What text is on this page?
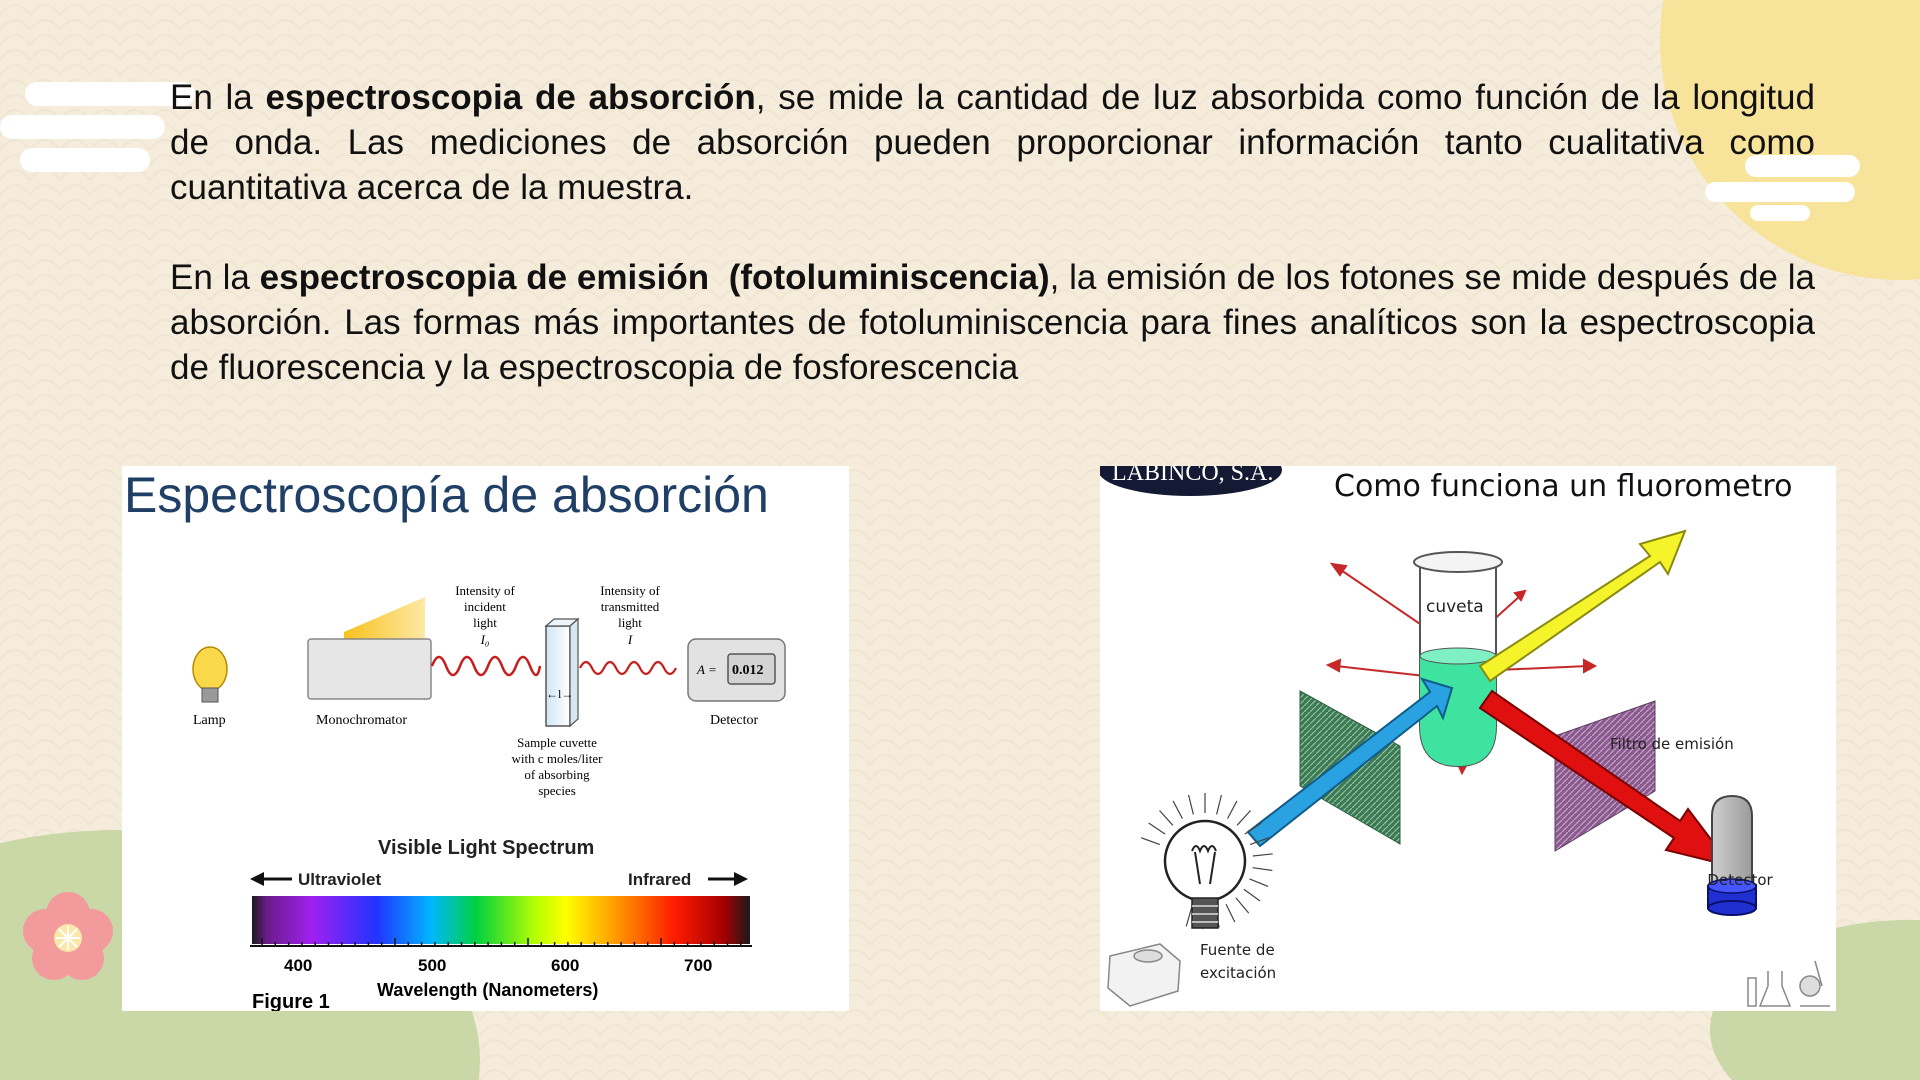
En la espectroscopia de absorción, se mide la cantidad de luz absorbida como función de la longitud de onda. Las mediciones de absorción pueden proporcionar información tanto cualitativa como cuantitativa acerca de la muestra.

En la espectroscopia de emisión (fotoluminiscencia), la emisión de los fotones se mide después de la absorción. Las formas más importantes de fotoluminiscencia para fines analíticos son la espectroscopia de fluorescencia y la espectroscopia de fosforescencia

Espectroscopía de absorción
Lamp	Monochromator
Intensity of
incident
light
I₀
←l→
Intensity of
transmitted
light
I
Sample cuvette
with c moles/liter
of absorbing
species
A = 0.012
Detector
Visible Light Spectrum
Ultraviolet	Infrared
400	500	600	700
Wavelength (Nanometers)
Figure 1
LABINCO, S.A. Como funciona un fluorometro
Filtro de emisión
cuveta
Detector
Fuente de
excitación
